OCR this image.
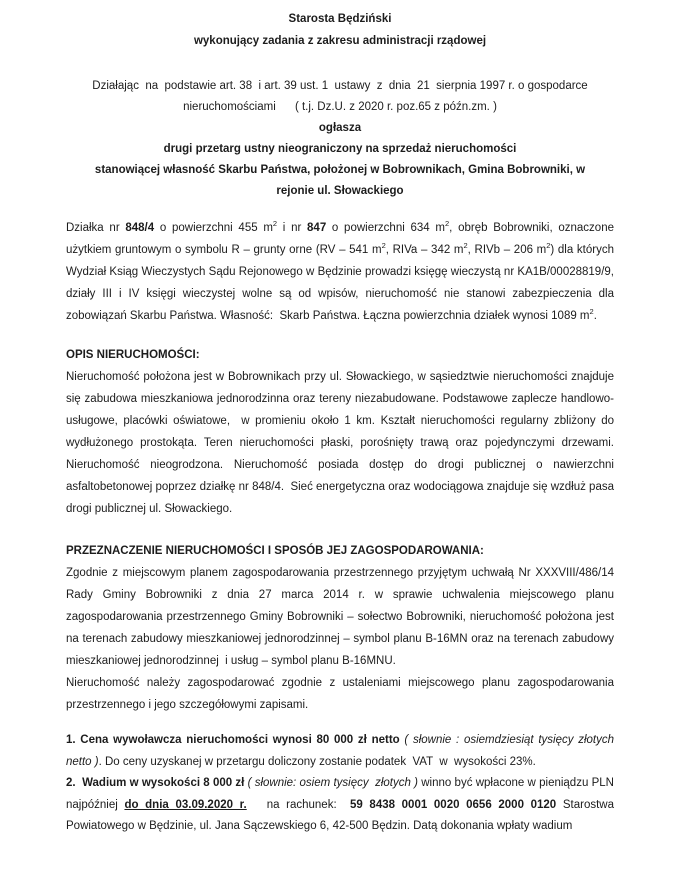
Starosta Będziński
wykonujący zadania z zakresu administracji rządowej
Działając  na  podstawie art. 38  i art. 39 ust. 1  ustawy  z  dnia  21  sierpnia 1997 r. o gospodarce
nieruchomościami      ( t.j. Dz.U. z 2020 r. poz.65 z późn.zm. )
ogłasza
drugi przetarg ustny nieograniczony na sprzedaż nieruchomości
stanowiącej własność Skarbu Państwa, położonej w Bobrownikach, Gmina Bobrowniki, w
rejonie ul. Słowackiego

Działka nr 848/4 o powierzchni 455 $m^2$ i nr 847 o powierzchni 634 $m^2$, obręb Bobrowniki, oznaczone użytkiem gruntowym o symbolu R – grunty orne (RV – 541 $m^2$, RIVa – 342 $m^2$, RIVb – 206 $m^2$) dla których Wydział Ksiąg Wieczystych Sądu Rejonowego w Będzinie prowadzi księgę wieczystą nr KA1B/00028819/9, działy III i IV księgi wieczystej wolne są od wpisów, nieruchomość nie stanowi zabezpieczenia dla zobowiązań Skarbu Państwa. Własność:  Skarb Państwa. Łączna powierzchnia działek wynosi 1089 $m^2$.

OPIS NIERUCHOMOŚCI:

Nieruchomość położona jest w Bobrownikach przy ul. Słowackiego, w sąsiedztwie nieruchomości znajduje się zabudowa mieszkaniowa jednorodzinna oraz tereny niezabudowane. Podstawowe zaplecze handlowo- usługowe, placówki oświatowe,  w promieniu około 1 km. Kształt nieruchomości regularny zbliżony do wydłużonego prostokąta. Teren nieruchomości płaski, porośnięty trawą oraz pojedynczymi drzewami. Nieruchomość nieogrodzona. Nieruchomość posiada dostęp do drogi publicznej o nawierzchni asfaltobetonowej poprzez działkę nr 848/4.  Sieć energetyczna oraz wodociągowa znajduje się wzdłuż pasa drogi publicznej ul. Słowackiego.

PRZEZNACZENIE NIERUCHOMOŚCI I SPOSÓB JEJ ZAGOSPODAROWANIA:

Zgodnie z miejscowym planem zagospodarowania przestrzennego przyjętym uchwałą Nr XXXVIII/486/14 Rady Gminy Bobrowniki z dnia 27 marca 2014 r. w sprawie uchwalenia miejscowego planu zagospodarowania przestrzennego Gminy Bobrowniki – sołectwo Bobrowniki, nieruchomość położona jest na terenach zabudowy mieszkaniowej jednorodzinnej – symbol planu B-16MN oraz na terenach zabudowy mieszkaniowej jednorodzinnej  i usług – symbol planu B-16MNU.

Nieruchomość należy zagospodarować zgodnie z ustaleniami miejscowego planu zagospodarowania przestrzennego i jego szczegółowymi zapisami.

1. Cena wywoławcza nieruchomości wynosi 80 000 zł netto ( słownie : osiemdziesiąt tysięcy złotych netto ). Do ceny uzyskanej w przetargu doliczony zostanie podatek  VAT  w  wysokości 23%.

2.  Wadium w wysokości 8 000 zł ( słownie: osiem tysięcy  złotych ) winno być wpłacone w pieniądzu PLN najpóźniej do dnia 03.09.2020 r.   na rachunek:  59 8438 0001 0020 0656 2000 0120 Starostwa Powiatowego w Będzinie, ul. Jana Sączewskiego 6, 42-500 Będzin. Datą dokonania wpłaty wadium
